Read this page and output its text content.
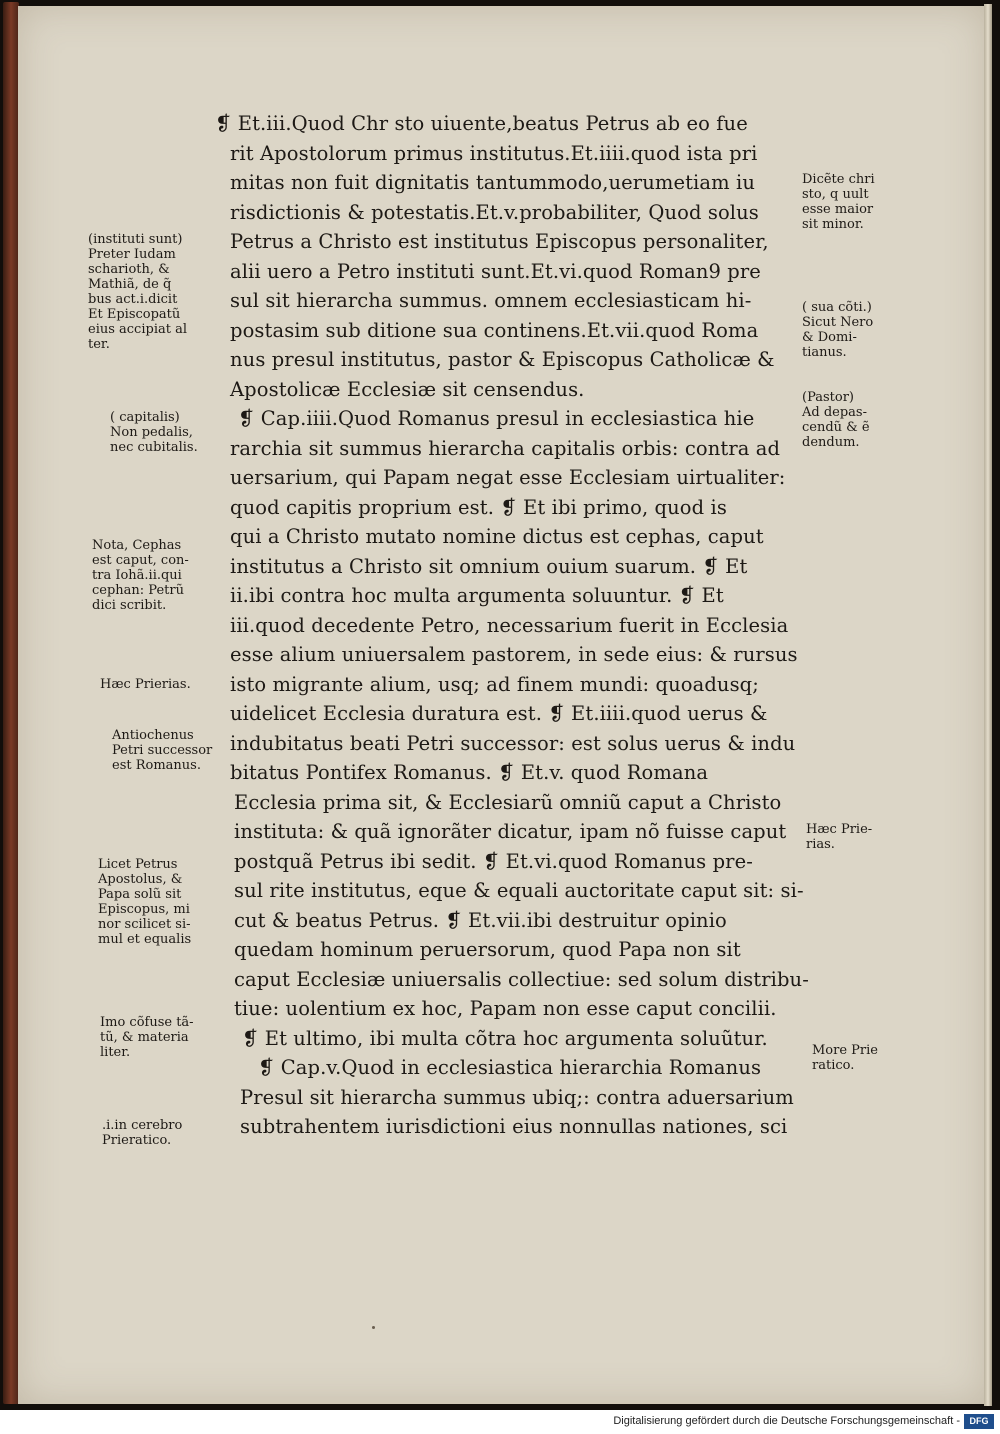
❡ Et.iii.Quod Chr sto uiuente,beatus Petrus ab eo fue
rit Apostolorum primus institutus.Et.iiii.quod ista pri
mitas non fuit dignitatis tantummodo,uerumetiam iu
risdictionis & potestatis.Et.v.probabiliter, Quod solus
Petrus a Christo est institutus Episcopus personaliter,
alii uero a Petro instituti sunt.Et.vi.quod Roman9 pre
sul sit hierarcha summus. omnem ecclesiasticam hi-
postasim sub ditione sua continens.Et.vii.quod Roma
nus presul institutus, pastor & Episcopus Catholicæ &
Apostolicæ Ecclesiæ sit censendus.
❡ Cap.iiii.Quod Romanus presul in ecclesiastica hie
rarchia sit summus hierarcha capitalis orbis: contra ad
uersarium, qui Papam negat esse Ecclesiam uirtualiter:
quod capitis proprium est. ❡ Et ibi primo, quod is
qui a Christo mutato nomine dictus est cephas, caput
institutus a Christo sit omnium ouium suarum. ❡ Et
ii.ibi contra hoc multa argumenta soluuntur. ❡ Et
iii.quod decedente Petro, necessarium fuerit in Ecclesia
esse alium uniuersalem pastorem, in sede eius: & rursus
isto migrante alium, usq; ad finem mundi: quoadusq;
uidelicet Ecclesia duratura est. ❡ Et.iiii.quod uerus &
indubitatus beati Petri successor: est solus uerus & indu
bitatus Pontifex Romanus. ❡ Et.v. quod Romana
Ecclesia prima sit, & Ecclesiarũ omniũ caput a Christo
instituta: & quã ignorãter dicatur, ipam nõ fuisse caput
postquã Petrus ibi sedit. ❡ Et.vi.quod Romanus pre-
sul rite institutus, eque & equali auctoritate caput sit: si-
cut & beatus Petrus. ❡ Et.vii.ibi destruitur opinio
quedam hominum peruersorum, quod Papa non sit
caput Ecclesiæ uniuersalis collectiue: sed solum distribu-
tiue: uolentium ex hoc, Papam non esse caput concilii.
❡ Et ultimo, ibi multa cõtra hoc argumenta soluũtur.
❡ Cap.v.Quod in ecclesiastica hierarchia Romanus
Presul sit hierarcha summus ubiq;: contra aduersarium
subtrahentem iurisdictioni eius nonnullas nationes, sci
(instituti sunt)
Preter Iudam
scharioth, &
Mathiã, de q̃
bus act.i.dicit
Et Episcopatũ
eius accipiat al
ter.
( capitalis)
Non pedalis,
nec cubitalis.
Nota, Cephas
est caput, con-
tra Iohã.ii.qui
cephan: Petrũ
dici scribit.
Hæc Prierias.
Antiochenus
Petri successor
est Romanus.
Licet Petrus
Apostolus, &
Papa solũ sit
Episcopus, mi
nor scilicet si-
mul et equalis
Imo cõfuse tã-
tũ, & materia
liter.
.i.in cerebro
Prieratico.
Dicẽte chri
sto, q uult
esse maior
sit minor.
( sua cõti.)
Sicut Nero
& Domi-
tianus.
(Pastor)
Ad depas-
cendũ & ẽ
dendum.
Hæc Prie-
rias.
More Prie
ratico.
Digitalisierung gefördert durch die Deutsche Forschungsgemeinschaft -	DFG
